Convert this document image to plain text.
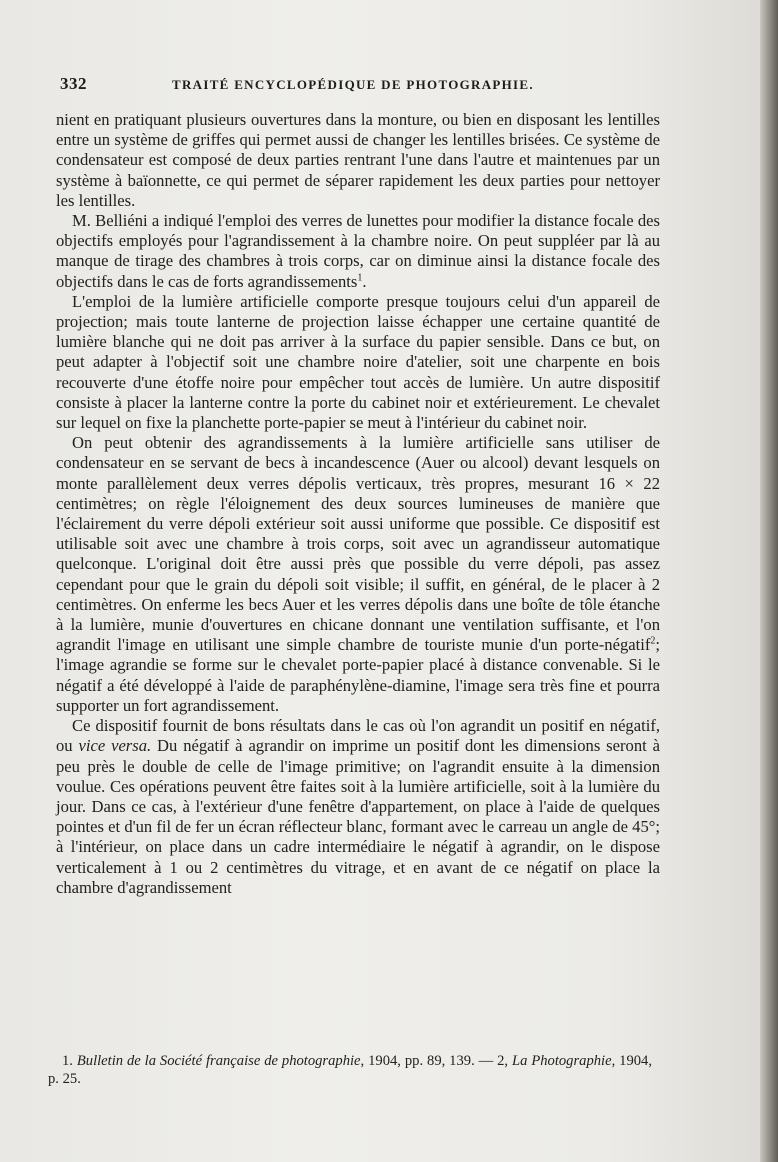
332	TRAITÉ ENCYCLOPÉDIQUE DE PHOTOGRAPHIE.

nient en pratiquant plusieurs ouvertures dans la monture, ou bien en disposant les lentilles entre un système de griffes qui permet aussi de changer les lentilles brisées. Ce système de condensateur est composé de deux parties rentrant l'une dans l'autre et maintenues par un système à baïonnette, ce qui permet de séparer rapidement les deux parties pour nettoyer les lentilles.

M. Belliéni a indiqué l'emploi des verres de lunettes pour modifier la distance focale des objectifs employés pour l'agrandissement à la chambre noire. On peut suppléer par là au manque de tirage des chambres à trois corps, car on diminue ainsi la distance focale des objectifs dans le cas de forts agrandissements$^1$.

L'emploi de la lumière artificielle comporte presque toujours celui d'un appareil de projection; mais toute lanterne de projection laisse échapper une certaine quantité de lumière blanche qui ne doit pas arriver à la surface du papier sensible. Dans ce but, on peut adapter à l'objectif soit une chambre noire d'atelier, soit une charpente en bois recouverte d'une étoffe noire pour empêcher tout accès de lumière. Un autre dispositif consiste à placer la lanterne contre la porte du cabinet noir et extérieurement. Le chevalet sur lequel on fixe la planchette porte-papier se meut à l'intérieur du cabinet noir.

On peut obtenir des agrandissements à la lumière artificielle sans utiliser de condensateur en se servant de becs à incandescence (Auer ou alcool) devant lesquels on monte parallèlement deux verres dépolis verticaux, très propres, mesurant 16 × 22 centimètres; on règle l'éloignement des deux sources lumineuses de manière que l'éclairement du verre dépoli extérieur soit aussi uniforme que possible. Ce dispositif est utilisable soit avec une chambre à trois corps, soit avec un agrandisseur automatique quelconque. L'original doit être aussi près que possible du verre dépoli, pas assez cependant pour que le grain du dépoli soit visible; il suffit, en général, de le placer à 2 centimètres. On enferme les becs Auer et les verres dépolis dans une boîte de tôle étanche à la lumière, munie d'ouvertures en chicane donnant une ventilation suffisante, et l'on agrandit l'image en utilisant une simple chambre de touriste munie d'un porte-négatif$^2$; l'image agrandie se forme sur le chevalet porte-papier placé à distance convenable. Si le négatif a été développé à l'aide de paraphénylène-diamine, l'image sera très fine et pourra supporter un fort agrandissement.

Ce dispositif fournit de bons résultats dans le cas où l'on agrandit un positif en négatif, ou vice versa. Du négatif à agrandir on imprime un positif dont les dimensions seront à peu près le double de celle de l'image primitive; on l'agrandit ensuite à la dimension voulue. Ces opérations peuvent être faites soit à la lumière artificielle, soit à la lumière du jour. Dans ce cas, à l'extérieur d'une fenêtre d'appartement, on place à l'aide de quelques pointes et d'un fil de fer un écran réflecteur blanc, formant avec le carreau un angle de 45°; à l'intérieur, on place dans un cadre intermédiaire le négatif à agrandir, on le dispose verticalement à 1 ou 2 centimètres du vitrage, et en avant de ce négatif on place la chambre d'agrandissement

1. Bulletin de la Société française de photographie, 1904, pp. 89, 139. — 2, La Photographie, 1904, p. 25.
